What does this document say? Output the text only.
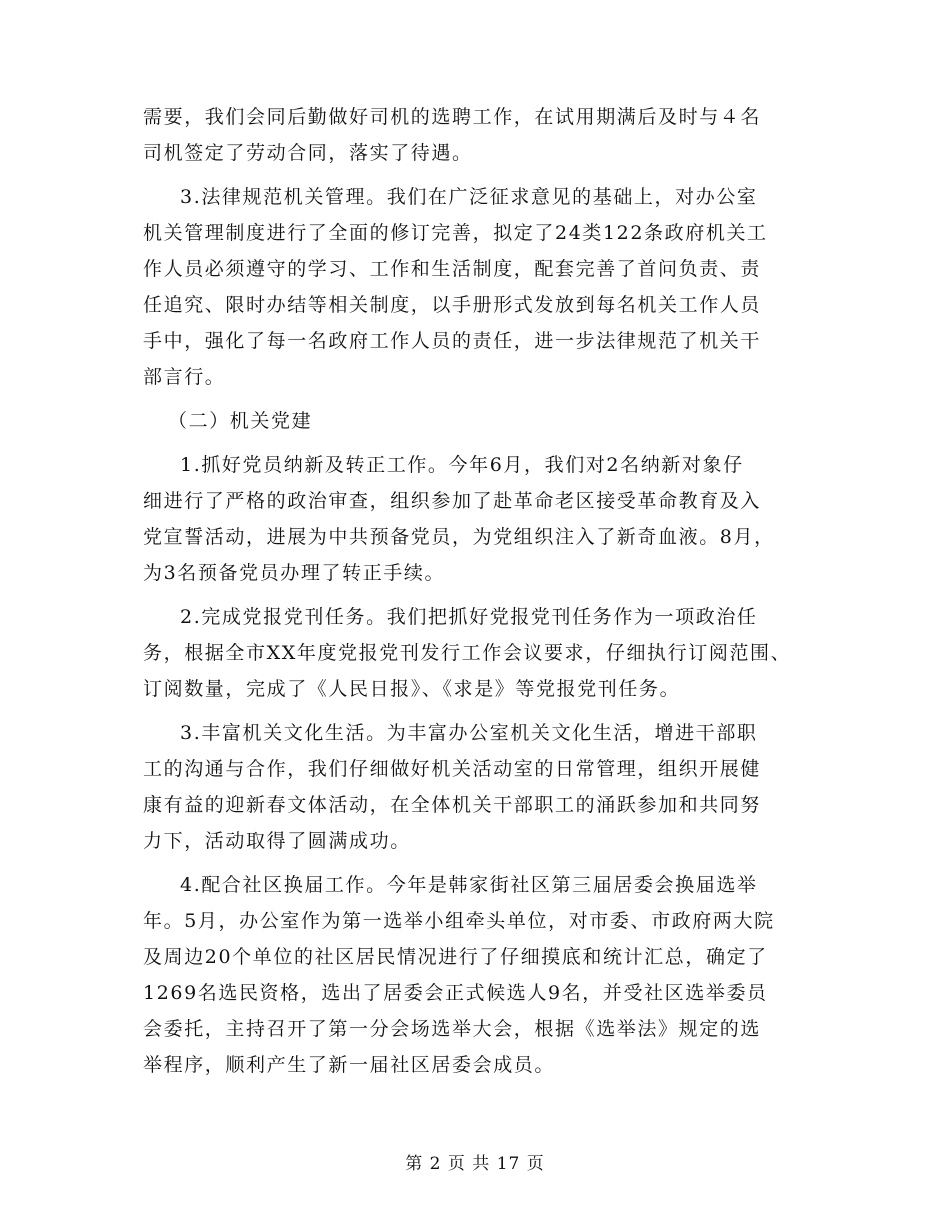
需要，我们会同后勤做好司机的选聘工作，在试用期满后及时与４名
司机签定了劳动合同，落实了待遇。
3.法律规范机关管理。我们在广泛征求意见的基础上，对办公室
机关管理制度进行了全面的修订完善，拟定了24类122条政府机关工
作人员必须遵守的学习、工作和生活制度，配套完善了首问负责、责
任追究、限时办结等相关制度，以手册形式发放到每名机关工作人员
手中，强化了每一名政府工作人员的责任，进一步法律规范了机关干
部言行。
（二）机关党建
1.抓好党员纳新及转正工作。今年6月，我们对2名纳新对象仔
细进行了严格的政治审查，组织参加了赴革命老区接受革命教育及入
党宣誓活动，进展为中共预备党员，为党组织注入了新奇血液。8月，
为3名预备党员办理了转正手续。
2.完成党报党刊任务。我们把抓好党报党刊任务作为一项政治任
务，根据全市XX年度党报党刊发行工作会议要求，仔细执行订阅范围、
订阅数量，完成了《人民日报》、《求是》等党报党刊任务。
3.丰富机关文化生活。为丰富办公室机关文化生活，增进干部职
工的沟通与合作，我们仔细做好机关活动室的日常管理，组织开展健
康有益的迎新春文体活动，在全体机关干部职工的涌跃参加和共同努
力下，活动取得了圆满成功。
4.配合社区换届工作。今年是韩家街社区第三届居委会换届选举
年。5月，办公室作为第一选举小组牵头单位，对市委、市政府两大院
及周边20个单位的社区居民情况进行了仔细摸底和统计汇总，确定了
1269名选民资格，选出了居委会正式候选人9名，并受社区选举委员
会委托，主持召开了第一分会场选举大会，根据《选举法》规定的选
举程序，顺利产生了新一届社区居委会成员。
第 2 页 共 17 页
